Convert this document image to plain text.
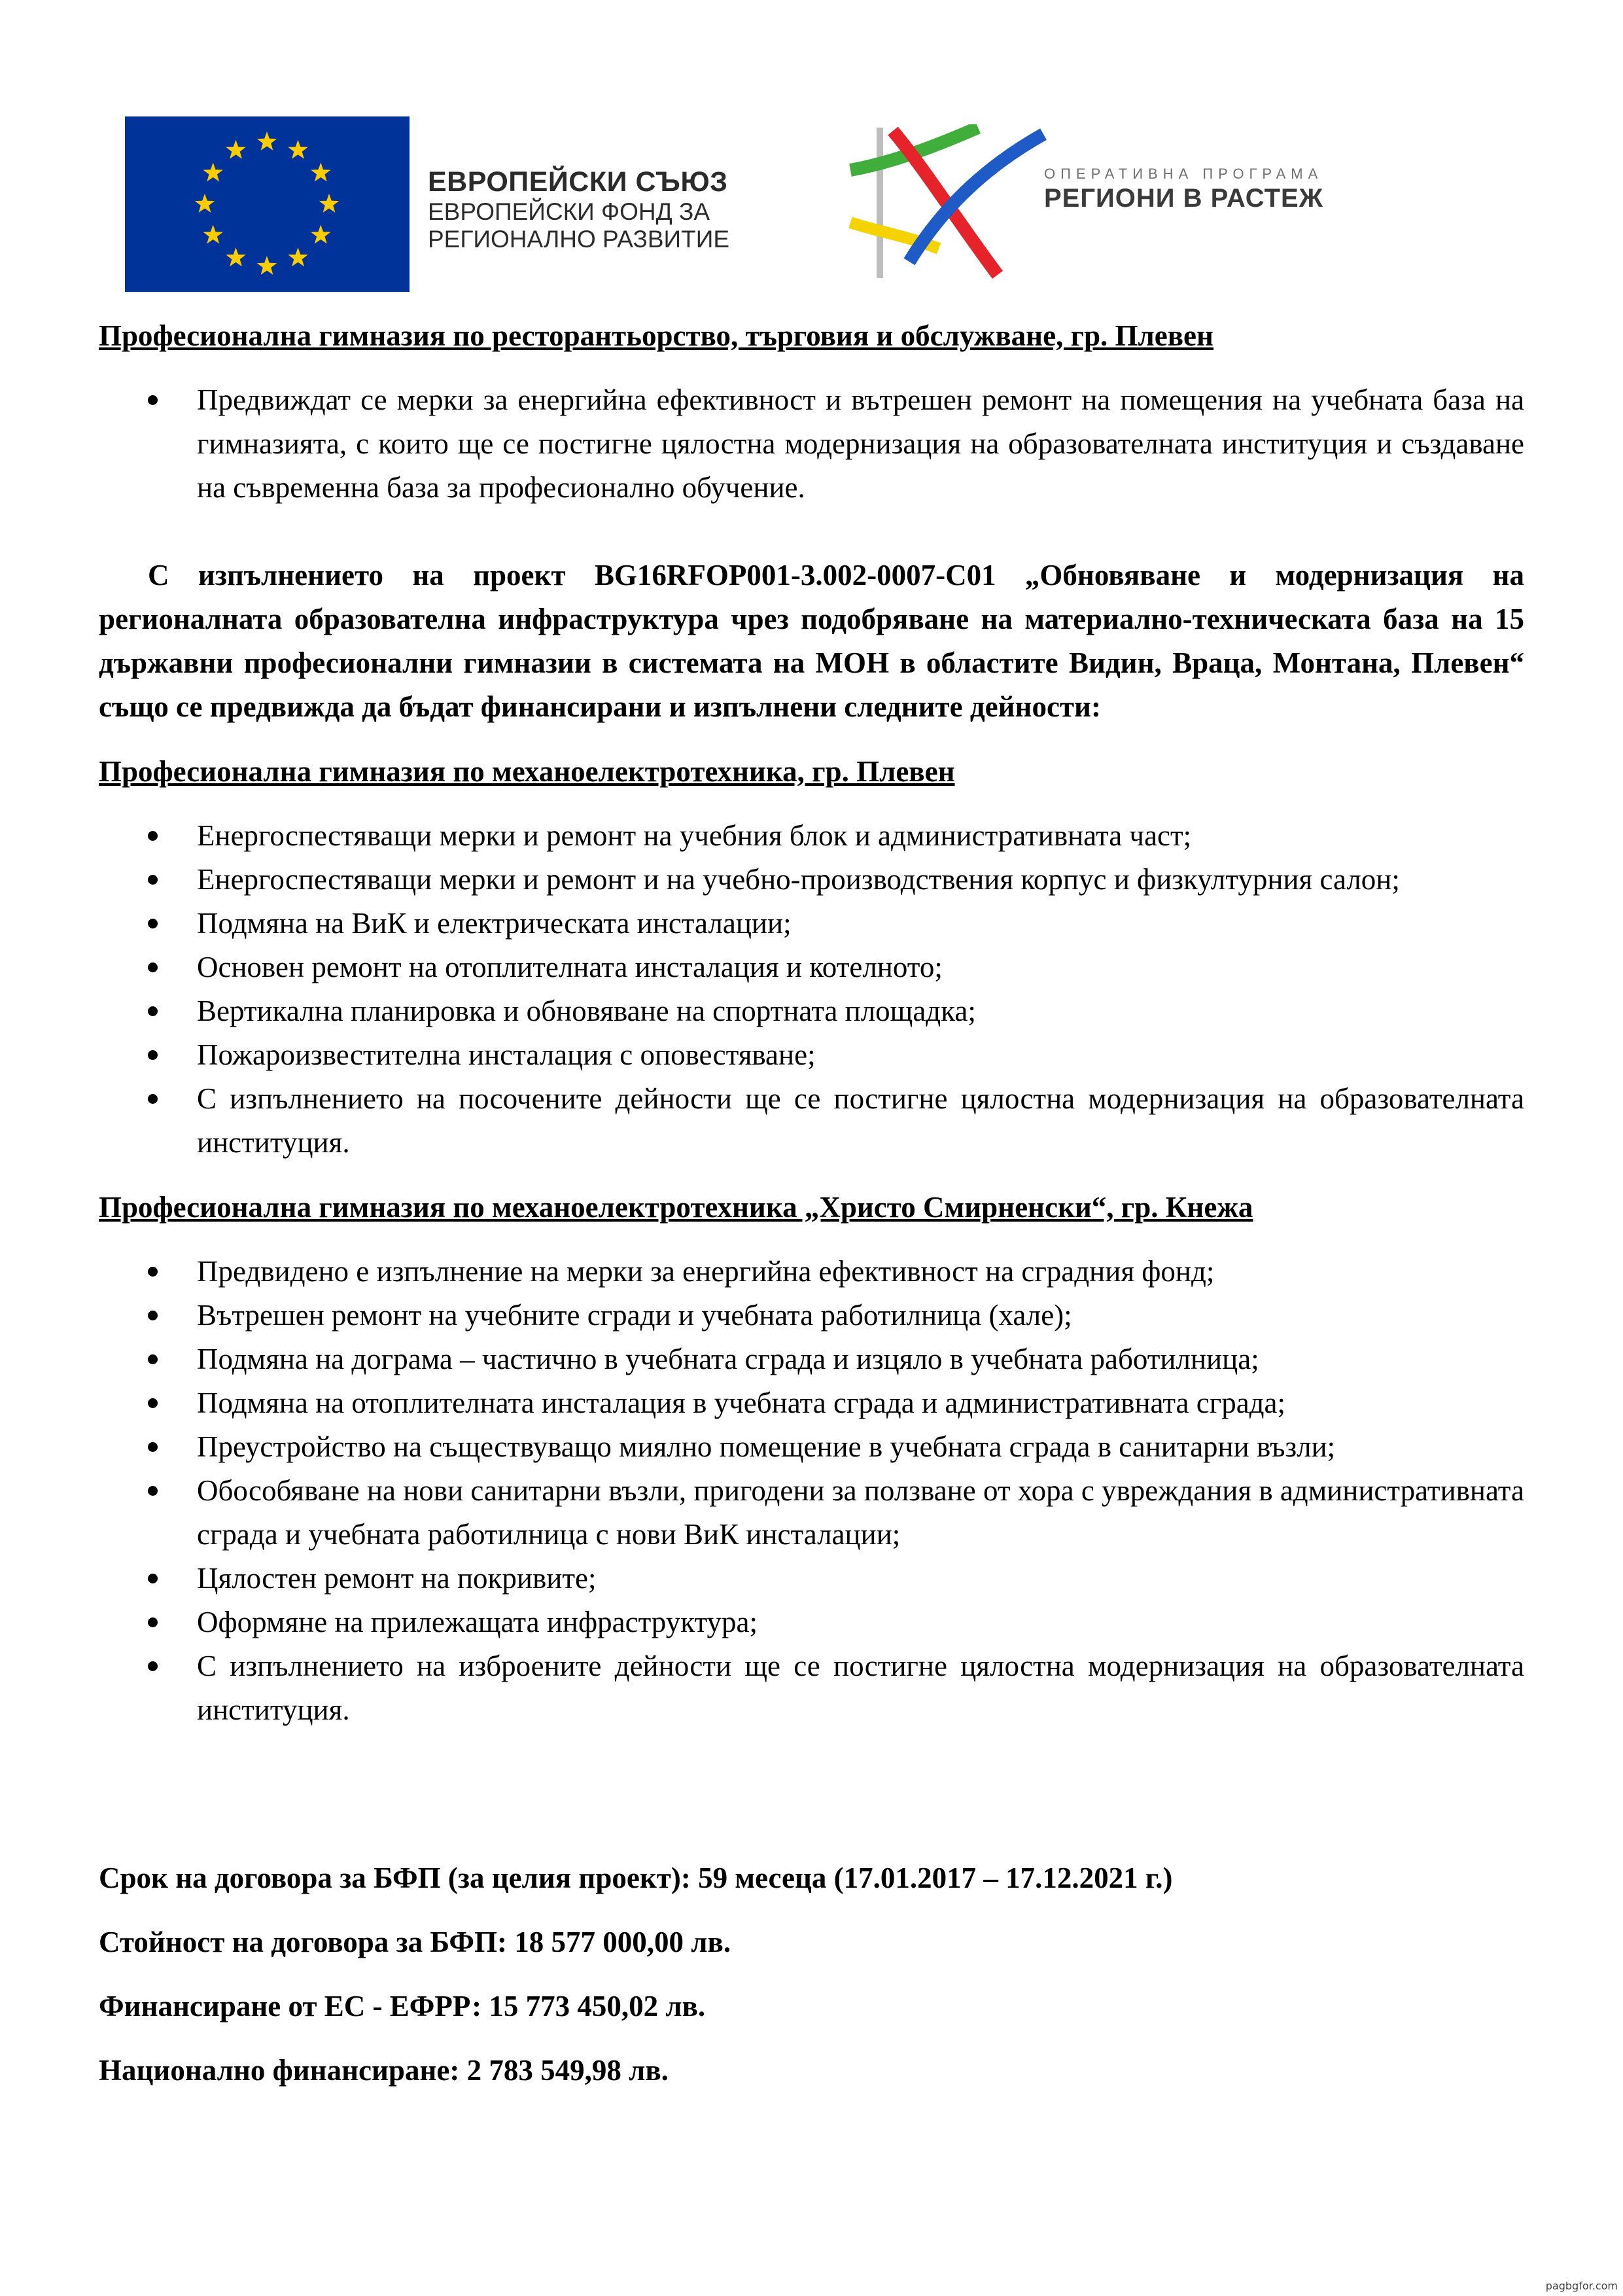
ЕВРОПЕЙСКИ СЪЮЗ
ЕВРОПЕЙСКИ ФОНД ЗА
РЕГИОНАЛНО РАЗВИТИЕ
ОПЕРАТИВНА ПРОГРАМА
РЕГИОНИ В РАСТЕЖ

Професионална гимназия по ресторантьорство, търговия и обслужване, гр. Плевен

Предвиждат се мерки за енергийна ефективност и вътрешен ремонт на помещения на учебната база на гимназията, с които ще се постигне цялостна модернизация на образователната институция и създаване на съвременна база за професионално обучение.

С изпълнението на проект BG16RFOP001-3.002-0007-C01 „Обновяване и модернизация на регионалната образователна инфраструктура чрез подобряване на материално-техническата база на 15 държавни професионални гимназии в системата на МОН в областите Видин, Враца, Монтана, Плевен“ също се предвижда да бъдат финансирани и изпълнени следните дейности:

Професионална гимназия по механоелектротехника, гр. Плевен

Енергоспестяващи мерки и ремонт на учебния блок и административната част;
Енергоспестяващи мерки и ремонт и на учебно-производствения корпус и физкултурния салон;
Подмяна на ВиК и електрическата инсталации;
Основен ремонт на отоплителната инсталация и котелното;
Вертикална планировка и обновяване на спортната площадка;
Пожароизвестителна инсталация с оповестяване;
С изпълнението на посочените дейности ще се постигне цялостна модернизация на образователната институция.

Професионална гимназия по механоелектротехника „Христо Смирненски“, гр. Кнежа

Предвидено е изпълнение на мерки за енергийна ефективност на сградния фонд;
Вътрешен ремонт на учебните сгради и учебната работилница (хале);
Подмяна на дограма – частично в учебната сграда и изцяло в учебната работилница;
Подмяна на отоплителната инсталация в учебната сграда и административната сграда;
Преустройство на съществуващо миялно помещение в учебната сграда в санитарни възли;
Обособяване на нови санитарни възли, пригодени за ползване от хора с увреждания в административната сграда и учебната работилница с нови ВиК инсталации;
Цялостен ремонт на покривите;
Оформяне на прилежащата инфраструктура;
С изпълнението на изброените дейности ще се постигне цялостна модернизация на образователната институция.

Срок на договора за БФП (за целия проект): 59 месеца (17.01.2017 – 17.12.2021 г.)

Стойност на договора за БФП: 18 577 000,00 лв.

Финансиране от ЕС - ЕФРР: 15 773 450,02 лв.

Национално финансиране: 2 783 549,98 лв.

pagbgfor.com
